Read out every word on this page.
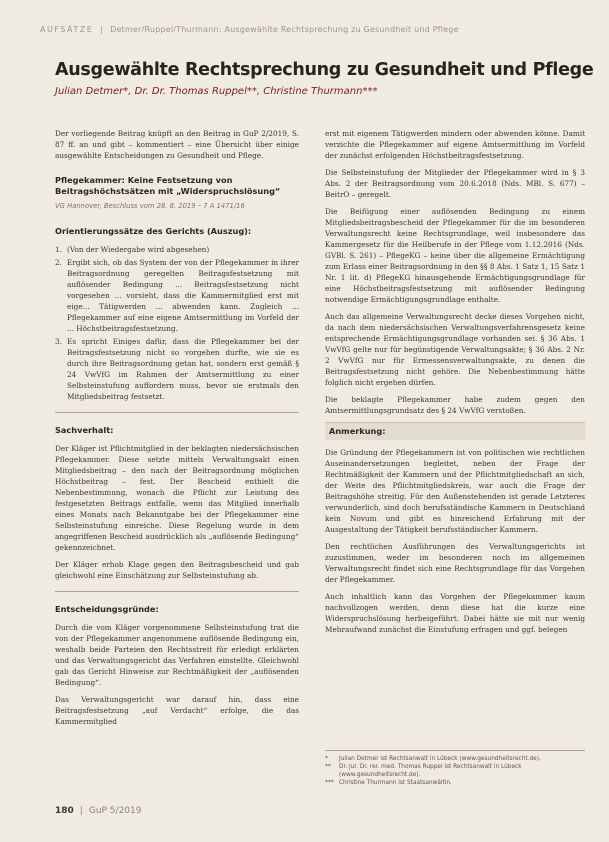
AUFSÄTZE | Detmer/Ruppel/Thurmann: Ausgewählte Rechtsprechung zu Gesundheit und Pflege
Ausgewählte Rechtsprechung zu Gesundheit und Pflege
Julian Detmer*, Dr. Dr. Thomas Ruppel**, Christine Thurmann***

Der vorliegende Beitrag knüpft an den Beitrag in GuP 2/2019, S. 87 ff. an und gibt – kommentiert – eine Übersicht über einige ausgewählte Entscheidungen zu Gesundheit und Pflege.

Pflegekammer: Keine Festsetzung von Beitragshöchstsätzen mit „Widerspruchslösung“
VG Hannover, Beschluss vom 28. 8. 2019 – 7 A 1471/16
Orientierungssätze des Gerichts (Auszug):
1. (Von der Wiedergabe wird abgesehen)
2. Ergibt sich, ob das System der von der Pflegekammer in ihrer Beitragsordnung geregelten Beitragsfestsetzung mit auflösender Bedingung ... Beitragsfestsetzung nicht vorgesehen ... vorsieht, dass die Kammermitglied erst mit eige... Tätigwerden ... abwenden kann. Zugleich ... Pflegekammer auf eine eigene Amtsermittlung im Vorfeld der ... Höchstbeitragsfestsetzung.
3. Es spricht Einiges dafür, dass die Pflegekammer bei der Beitragsfestsetzung nicht so vorgehen durfte, wie sie es durch ihre Beitragsordnung getan hat, sondern erst gemäß § 24 VwVfG im Rahmen der Amtsermittlung zu einer Selbsteinstufung auffordern muss, bevor sie erstmals den Mitgliedsbeitrag festsetzt.
Sachverhalt:

Der Kläger ist Pflichtmitglied in der beklagten niedersächsischen Pflegekammer. Diese setzte mittels Verwaltungsakt einen Mitgliedsbeitrag – den nach der Beitragsordnung möglichen Höchstbeitrag – fest. Der Bescheid enthielt die Nebenbestimmung, wonach die Pflicht zur Leistung des festgesetzten Beitrags entfalle, wenn das Mitglied innerhalb eines Monats nach Bekanntgabe bei der Pflegekammer eine Selbsteinstufung einreiche. Diese Regelung wurde in dem angegriffenen Bescheid ausdrücklich als „auflösende Bedingung“ gekennzeichnet.

Der Kläger erhob Klage gegen den Beitragsbescheid und gab gleichwohl eine Einschätzung zur Selbsteinstufung ab.

Entscheidungsgründe:

Durch die vom Kläger vorgenommene Selbsteinstufung trat die von der Pflegekammer angenommene auflösende Bedingung ein, weshalb beide Parteien den Rechtsstreit für erledigt erklärten und das Verwaltungsgericht das Verfahren einstellte. Gleichwohl gab das Gericht Hinweise zur Rechtmäßigkeit der „auflösenden Bedingung“.

Das Verwaltungsgericht war darauf hin, dass eine Beitragsfestsetzung „auf Verdacht“ erfolge, die das Kammermitglied

erst mit eigenem Tätigwerden mindern oder abwenden könne. Damit verzichte die Pflegekammer auf eigene Amtsermittlung im Vorfeld der zunächst erfolgenden Höchstbeitragsfestsetzung.

Die Selbsteinstufung der Mitglieder der Pflegekammer wird in § 3 Abs. 2 der Beitragsordnung vom 20.6.2018 (Nds. MBl. S. 677) – BeitrO – geregelt.

Die Beifügung einer auflösenden Bedingung zu einem Mitgliedsbeitragsbescheid der Pflegekammer für die im besonderen Verwaltungsrecht keine Rechtsgrundlage, weil insbesondere das Kammergesetz für die Heilberufe in der Pflege vom 1.12.2016 (Nds. GVBl. S. 261) – PflegeKG – keine über die allgemeine Ermächtigung zum Erlass einer Beitragsordnung in den §§ 8 Abs. 1 Satz 1, 15 Satz 1 Nr. 1 lit. d) PflegeKG hinausgehende Ermächtigungsgrundlage für eine Höchstbeitragsfestsetzung mit auflösender Bedingung notwendige Ermächtigungsgrundlage enthalte.

Auch das allgemeine Verwaltungsrecht decke dieses Vorgehen nicht, da nach dem niedersächsischen Verwaltungsverfahrensgesetz keine entsprechende Ermächtigungsgrundlage vorhanden sei. § 36 Abs. 1 VwVfG gelte nur für begünstigende Verwaltungsakte; § 36 Abs. 2 Nr. 2 VwVfG nur für Ermessensverwaltungsakte, zu denen die Beitragsfestsetzung nicht gehöre. Die Nebenbestimmung hätte folglich nicht ergehen dürfen.

Die beklagte Pflegekammer habe zudem gegen den Amtsermittlungsgrundsatz des § 24 VwVfG verstoßen.

Anmerkung:

Die Gründung der Pflegekammern ist von politischen wie rechtlichen Auseinandersetzungen begleitet, neben der Frage der Rechtmäßigkeit der Kammern und der Pflichtmitgliedschaft an sich, der Weite des Pflichtmitgliedskreis, war auch die Frage der Beitragshöhe streitig. Für den Außenstehenden ist gerade Letzteres verwunderlich, sind doch berufsständische Kammern in Deutschland kein Novum und gibt es hinreichend Erfahrung mit der Ausgestaltung der Tätigkeit berufsständischer Kammern.

Den rechtlichen Ausführungen des Verwaltungsgerichts ist zuzustimmen, weder im besonderen noch im allgemeinen Verwaltungsrecht findet sich eine Rechtsgrundlage für das Vorgehen der Pflegekammer.

Auch inhaltlich kann das Vorgehen der Pflegekammer kaum nachvollzogen werden, denn diese hat die kurze eine Widerspruchslösung herbeigeführt. Dabei hätte sie mit nur wenig Mehraufwand zunächst die Einstufung erfragen und ggf. belegen

*	Julian Detmer ist Rechtsanwalt in Lübeck (www.gesundheitsrecht.de).
**	Dr. jur. Dr. rer. med. Thomas Ruppel ist Rechtsanwalt in Lübeck (www.gesundheitsrecht.de).
*** Christine Thurmann ist Staatsanwältin.
180 | GuP 5/2019
